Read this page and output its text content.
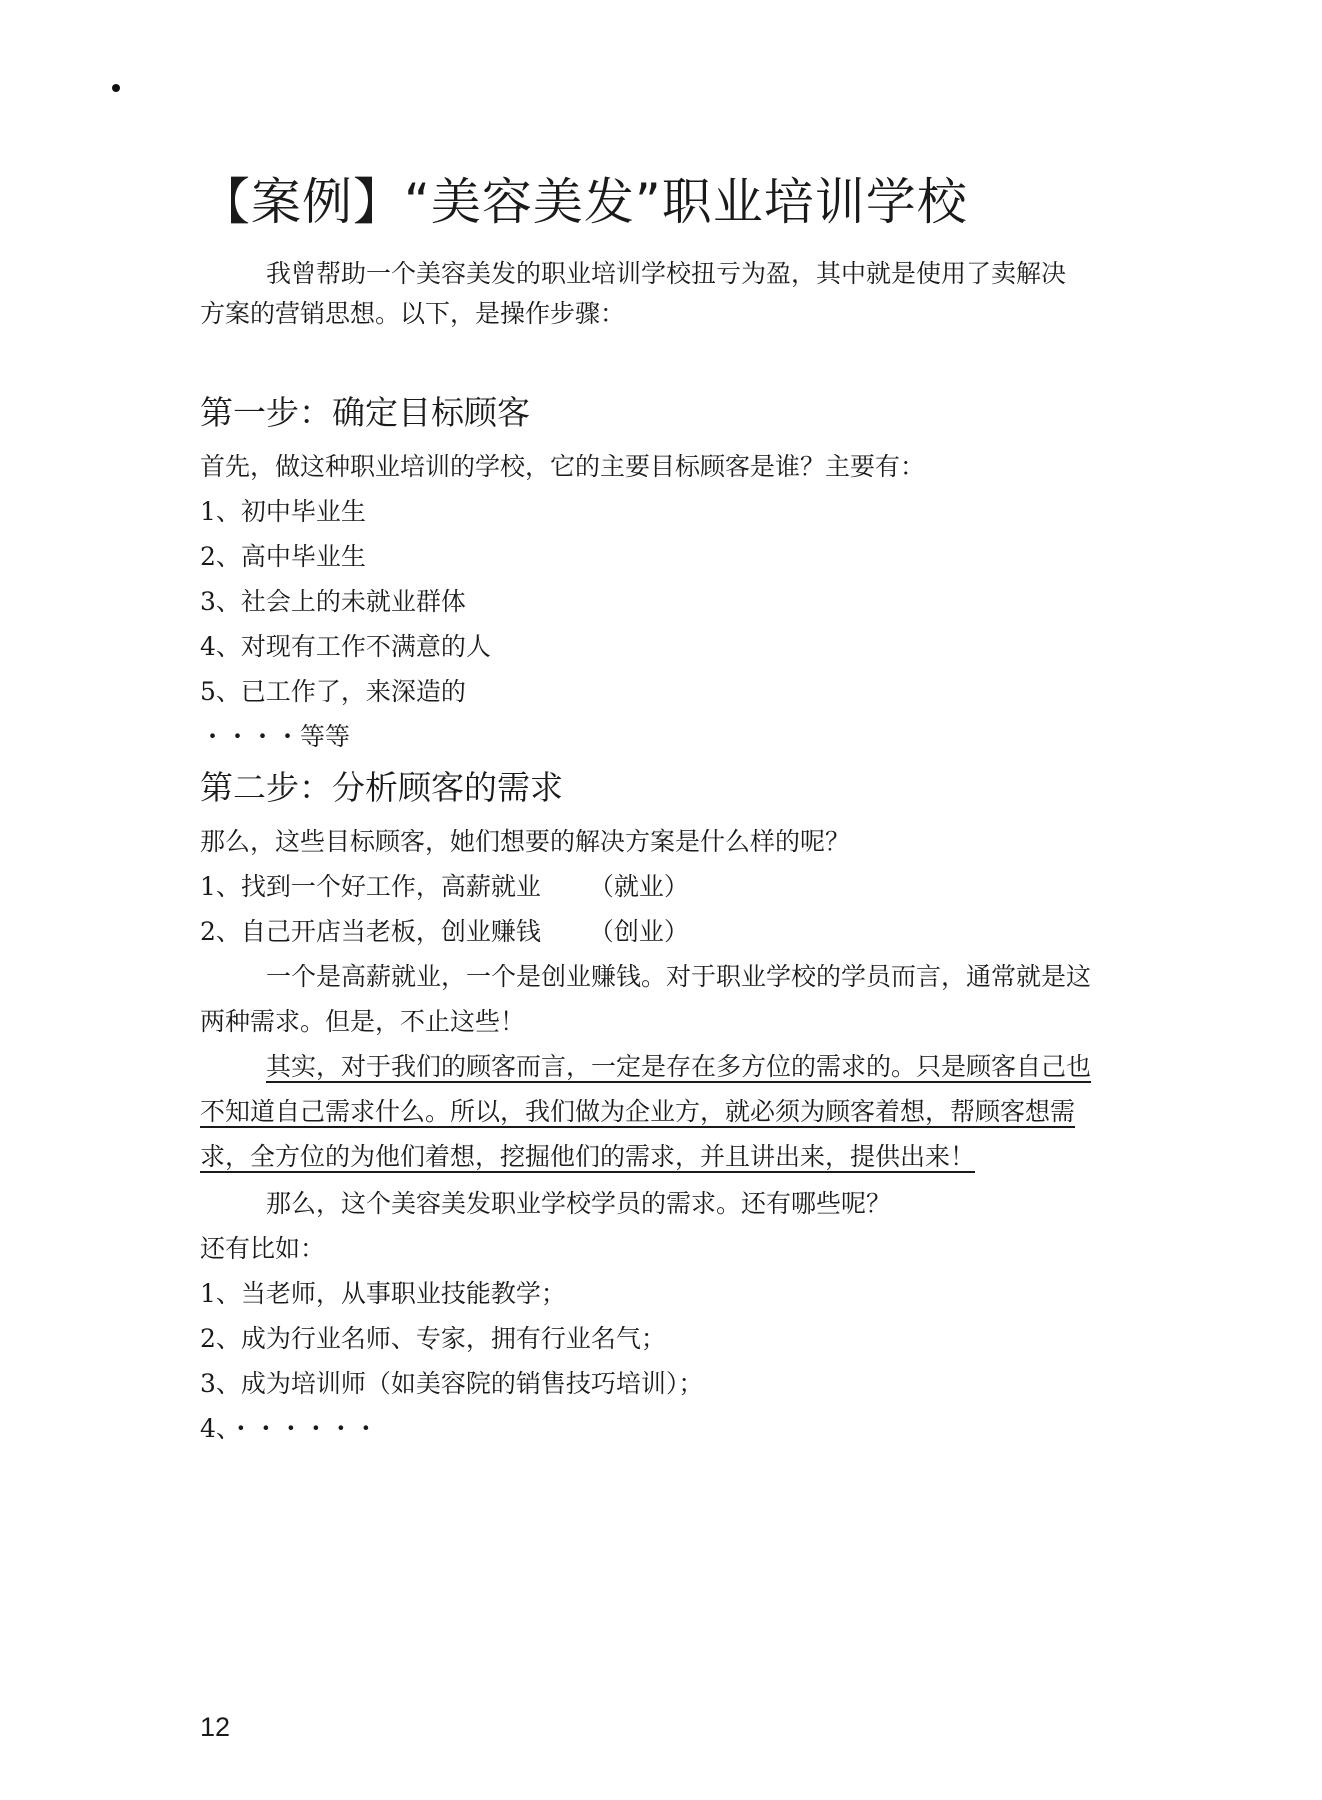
【案例】“美容美发”职业培训学校
我曾帮助一个美容美发的职业培训学校扭亏为盈，其中就是使用了卖解决
方案的营销思想。以下，是操作步骤：
第一步：确定目标顾客
首先，做这种职业培训的学校，它的主要目标顾客是谁？主要有：
1、初中毕业生
2、高中毕业生
3、社会上的未就业群体
4、对现有工作不满意的人
5、已工作了，来深造的
・・・・等等
第二步：分析顾客的需求
那么，这些目标顾客，她们想要的解决方案是什么样的呢？
1、找到一个好工作，高薪就业 （就业）
2、自己开店当老板，创业赚钱 （创业）
一个是高薪就业，一个是创业赚钱。对于职业学校的学员而言，通常就是这
两种需求。但是，不止这些！
其实，对于我们的顾客而言，一定是存在多方位的需求的。只是顾客自己也
不知道自己需求什么。所以，我们做为企业方，就必须为顾客着想，帮顾客想需
求，全方位的为他们着想，挖掘他们的需求，并且讲出来，提供出来！
那么，这个美容美发职业学校学员的需求。还有哪些呢？
还有比如：
1、当老师，从事职业技能教学；
2、成为行业名师、专家，拥有行业名气；
3、成为培训师（如美容院的销售技巧培训）；
4、・・・・・・
12
